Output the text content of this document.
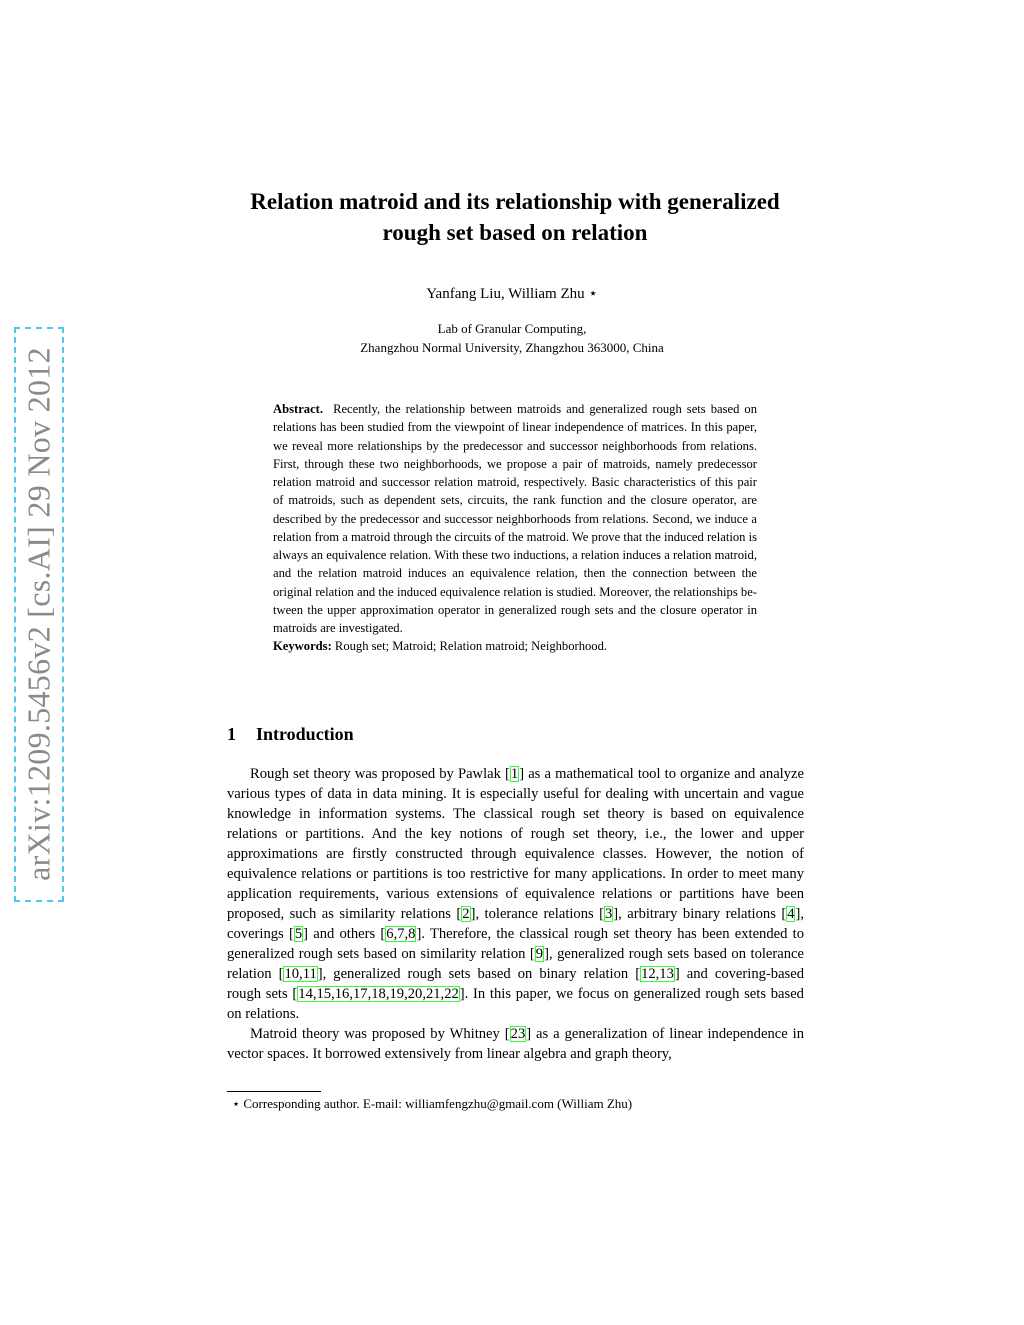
arXiv:1209.5456v2 [cs.AI] 29 Nov 2012
Relation matroid and its relationship with generalized
rough set based on relation
Yanfang Liu, William Zhu ⋆
Lab of Granular Computing,
Zhangzhou Normal University, Zhangzhou 363000, China

Abstract. Recently, the relationship between matroids and generalized rough sets based on relations has been studied from the viewpoint of linear independence of matrices. In this paper, we reveal more relationships by the predecessor and successor neighborhoods from relations. First, through these two neighborhoods, we propose a pair of matroids, namely predecessor relation matroid and successor relation matroid, respectively. Basic characteristics of this pair of matroids, such as dependent sets, circuits, the rank function and the closure operator, are described by the predecessor and successor neighborhoods from relations. Second, we induce a relation from a matroid through the circuits of the matroid. We prove that the induced relation is always an equivalence relation. With these two inductions, a relation induces a relation matroid, and the relation matroid induces an equivalence relation, then the connection between the original relation and the induced equivalence relation is studied. Moreover, the relationships between the upper approximation operator in generalized rough sets and the closure operator in matroids are investigated.

Keywords: Rough set; Matroid; Relation matroid; Neighborhood.

1 Introduction

Rough set theory was proposed by Pawlak [1] as a mathematical tool to organize and analyze various types of data in data mining. It is especially useful for dealing with uncertain and vague knowledge in information systems. The classical rough set theory is based on equivalence relations or partitions. And the key notions of rough set theory, i.e., the lower and upper approximations are firstly constructed through equivalence classes. However, the notion of equivalence relations or partitions is too restrictive for many applications. In order to meet many application requirements, various extensions of equivalence relations or partitions have been proposed, such as similarity relations [2], tolerance relations [3], arbitrary binary relations [4], coverings [5] and others [6,7,8]. Therefore, the classical rough set theory has been extended to generalized rough sets based on similarity relation [9], generalized rough sets based on tolerance relation [10,11], generalized rough sets based on binary relation [12,13] and covering-based rough sets [14,15,16,17,18,19,20,21,22]. In this paper, we focus on generalized rough sets based on relations.

Matroid theory was proposed by Whitney [23] as a generalization of linear independence in vector spaces. It borrowed extensively from linear algebra and graph theory,

⋆ Corresponding author. E-mail: williamfengzhu@gmail.com (William Zhu)
